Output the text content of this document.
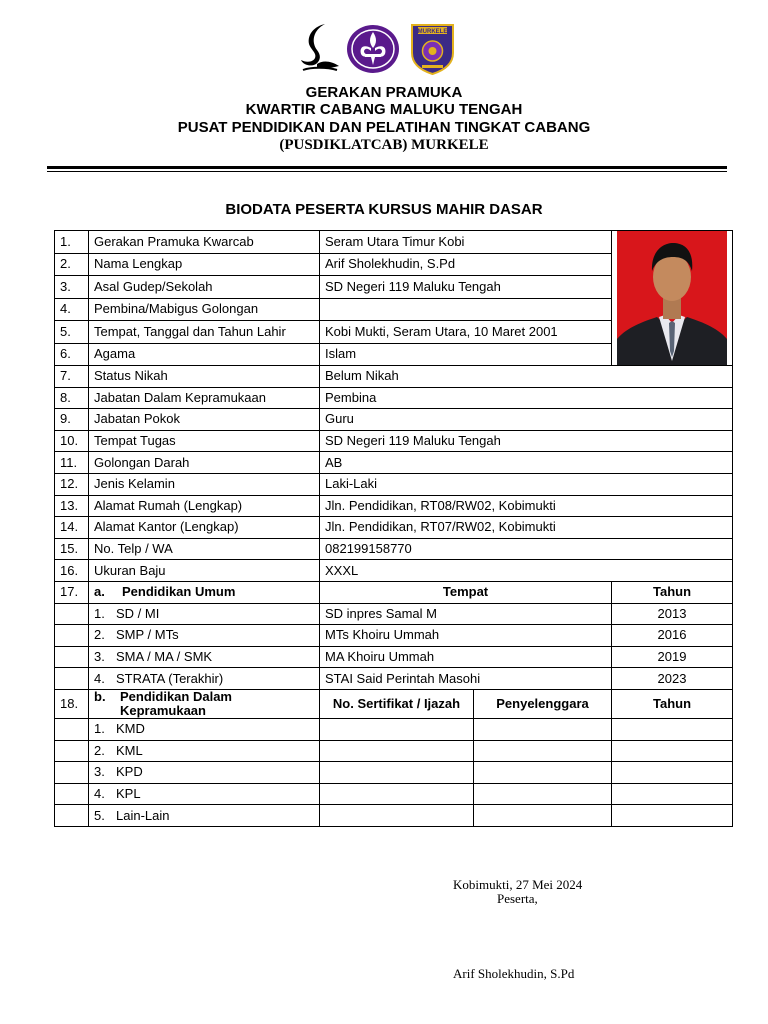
MURKELE
GERAKAN PRAMUKA
KWARTIR CABANG MALUKU TENGAH
PUSAT PENDIDIKAN DAN PELATIHAN TINGKAT CABANG
(PUSDIKLATCAB) MURKELE
BIODATA PESERTA KURSUS MAHIR DASAR
1.	Gerakan Pramuka Kwarcab	Seram Utara Timur Kobi	

2.	Nama Lengkap	Arif Sholekhudin, S.Pd		
3.	Asal Gudep/Sekolah	SD Negeri 119 Maluku Tengah		
4.	Pembina/Mabigus Golongan			
5.	Tempat, Tanggal dan Tahun Lahir	Kobi Mukti, Seram Utara, 10 Maret 2001		
6.	Agama	Islam		
7.	Status Nikah	Belum Nikah		
8.	Jabatan Dalam Kepramukaan	Pembina		
9.	Jabatan Pokok	Guru		
10.	Tempat Tugas	SD Negeri 119 Maluku Tengah		
11.	Golongan Darah	AB		
12.	Jenis Kelamin	Laki-Laki		
13.	Alamat Rumah (Lengkap)	Jln. Pendidikan, RT08/RW02, Kobimukti		
14.	Alamat Kantor (Lengkap)	Jln. Pendidikan, RT07/RW02, Kobimukti		
15.	No. Telp / WA	082199158770		
16.	Ukuran Baju	XXXL		
17.	a. Pendidikan Umum	Tempat		Tahun
	1. SD / MI	SD inpres Samal M		2013
	2. SMP / MTs	MTs Khoiru Ummah		2016
	3. SMA / MA / SMK	MA Khoiru Ummah		2019
	4. STRATA (Terakhir)	STAI Said Perintah Masohi		2023
18.	b. Pendidikan Dalam
Kepramukaan	No. Sertifikat / Ijazah	Penyelenggara	Tahun
	1. KMD			
	2. KML			
	3. KPD			
	4. KPL			
	5. Lain-Lain			
Kobimukti, 27 Mei 2024
Peserta,
Arif Sholekhudin, S.Pd
